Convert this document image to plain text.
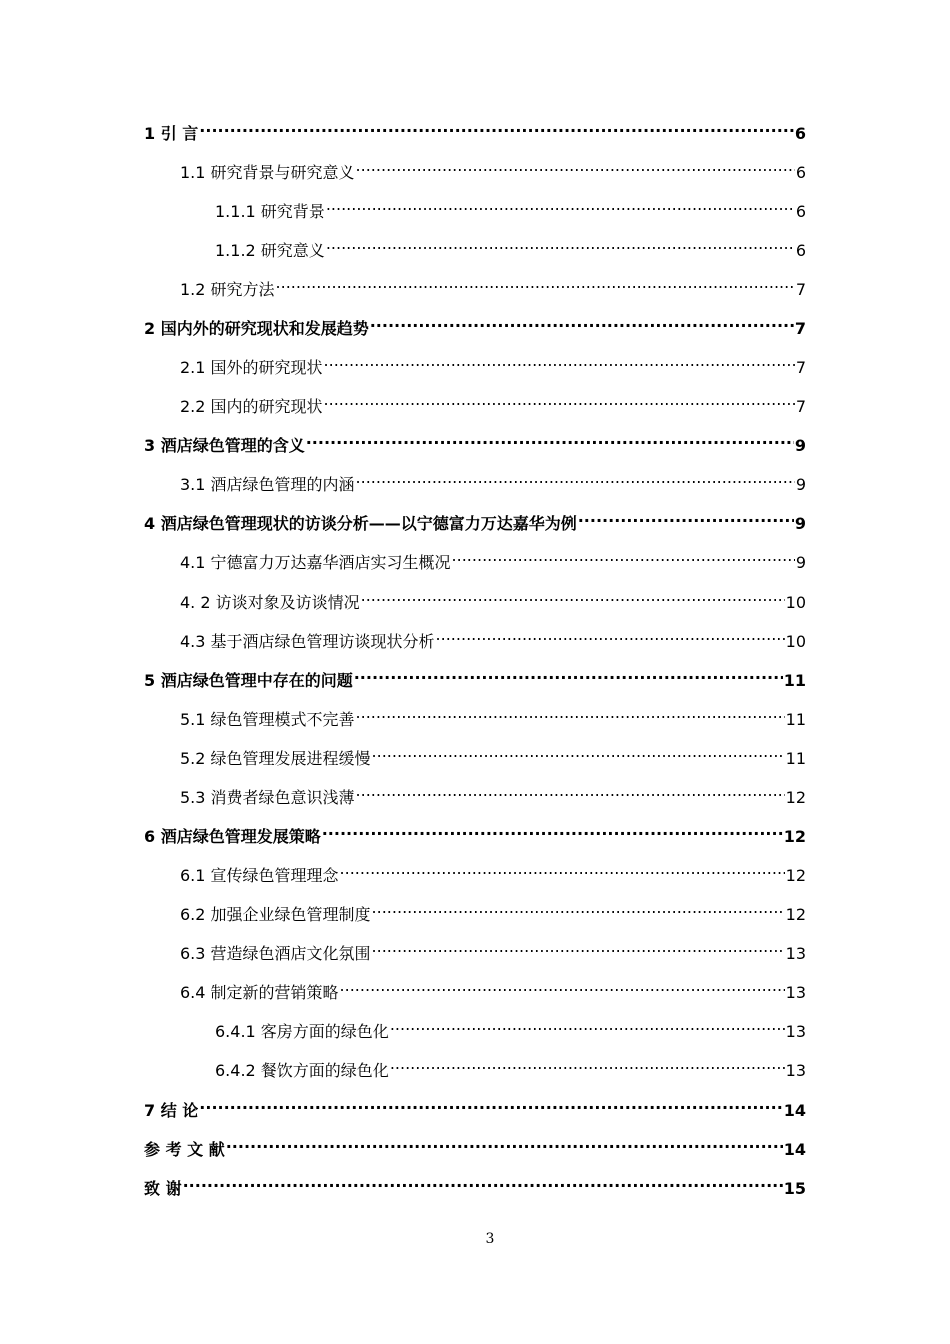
1 引 言 .....	6
1.1 研究背景与研究意义 .....	6
1.1.1 研究背景 .....	6
1.1.2 研究意义 .....	6
1.2 研究方法 .....	7
2 国内外的研究现状和发展趋势 .....	7
2.1 国外的研究现状 .....	7
2.2 国内的研究现状 .....	7
3 酒店绿色管理的含义 .....	9
3.1 酒店绿色管理的内涵 .....	9
4 酒店绿色管理现状的访谈分析——以宁德富力万达嘉华为例 .....	9
4.1 宁德富力万达嘉华酒店实习生概况 .....	9
4. 2 访谈对象及访谈情况 .....	10
4.3 基于酒店绿色管理访谈现状分析 .....	10
5 酒店绿色管理中存在的问题 .....	11
5.1 绿色管理模式不完善 .....	11
5.2 绿色管理发展进程缓慢 .....	11
5.3 消费者绿色意识浅薄 .....	12
6 酒店绿色管理发展策略 .....	12
6.1 宣传绿色管理理念 .....	12
6.2 加强企业绿色管理制度 .....	12
6.3 营造绿色酒店文化氛围 .....	13
6.4 制定新的营销策略 .....	13
6.4.1 客房方面的绿色化 .....	13
6.4.2 餐饮方面的绿色化 .....	13
7 结 论 .....	14
参 考 文 献 .....	14
致 谢 .....	15
3
